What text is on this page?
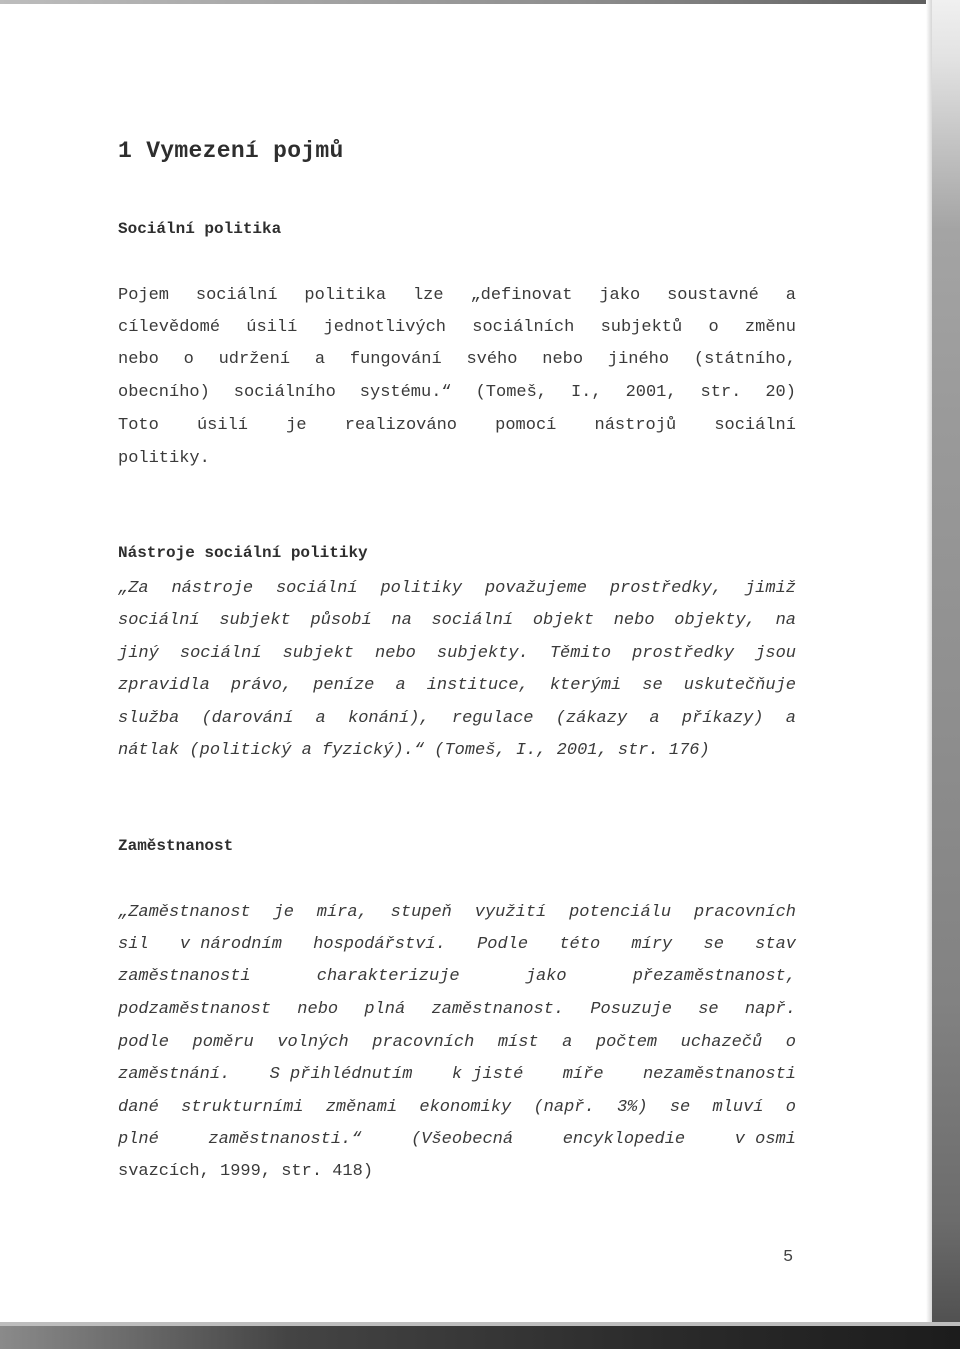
1 Vymezení pojmů
Sociální politika
Pojem sociální politika lze „definovat jako soustavné a
cílevědomé úsilí jednotlivých sociálních subjektů o změnu
nebo o udržení a fungování svého nebo jiného (státního,
obecního) sociálního systému.“ (Tomeš, I., 2001, str. 20)
Toto úsilí je realizováno pomocí nástrojů sociální
politiky.
Nástroje sociální politiky
„Za nástroje sociální politiky považujeme prostředky, jimiž
sociální subjekt působí na sociální objekt nebo objekty, na
jiný sociální subjekt nebo subjekty. Těmito prostředky jsou
zpravidla právo, peníze a instituce, kterými se uskutečňuje
služba (darování a konání), regulace (zákazy a příkazy) a
nátlak (politický a fyzický).“ (Tomeš, I., 2001, str. 176)
Zaměstnanost
„Zaměstnanost je míra, stupeň využití potenciálu pracovních
sil v národním hospodářství. Podle této míry se stav
zaměstnanosti	charakterizuje	jako	přezaměstnanost,
podzaměstnanost nebo plná zaměstnanost. Posuzuje se např.
podle poměru volných pracovních míst a počtem uchazečů o
zaměstnání. S přihlédnutím k jisté míře nezaměstnanosti
dané strukturními změnami ekonomiky (např. 3%) se mluví o
plné	zaměstnanosti.“	(Všeobecná	encyklopedie	v osmi
svazcích, 1999, str. 418)
5
